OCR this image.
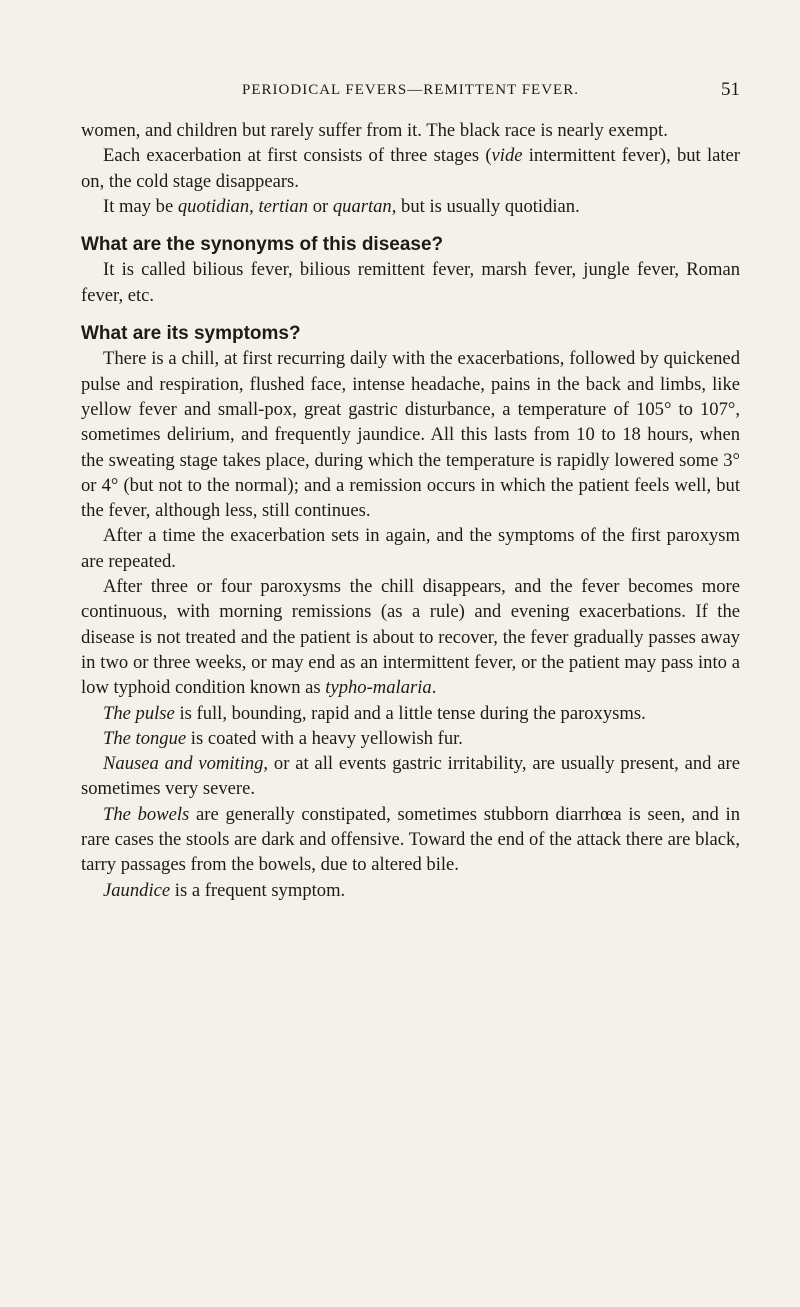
PERIODICAL FEVERS—REMITTENT FEVER.	51

women, and children but rarely suffer from it. The black race is nearly exempt.

Each exacerbation at first consists of three stages (vide intermittent fever), but later on, the cold stage disappears.

It may be quotidian, tertian or quartan, but is usually quotidian.

What are the synonyms of this disease?

It is called bilious fever, bilious remittent fever, marsh fever, jungle fever, Roman fever, etc.

What are its symptoms?

There is a chill, at first recurring daily with the exacerbations, followed by quickened pulse and respiration, flushed face, intense headache, pains in the back and limbs, like yellow fever and small-pox, great gastric disturbance, a temperature of 105° to 107°, sometimes delirium, and frequently jaundice. All this lasts from 10 to 18 hours, when the sweating stage takes place, during which the temperature is rapidly lowered some 3° or 4° (but not to the normal); and a remission occurs in which the patient feels well, but the fever, although less, still continues.

After a time the exacerbation sets in again, and the symptoms of the first paroxysm are repeated.

After three or four paroxysms the chill disappears, and the fever becomes more continuous, with morning remissions (as a rule) and evening exacerbations. If the disease is not treated and the patient is about to recover, the fever gradually passes away in two or three weeks, or may end as an intermittent fever, or the patient may pass into a low typhoid condition known as typho-malaria.

The pulse is full, bounding, rapid and a little tense during the paroxysms.

The tongue is coated with a heavy yellowish fur.

Nausea and vomiting, or at all events gastric irritability, are usually present, and are sometimes very severe.

The bowels are generally constipated, sometimes stubborn diarrhœa is seen, and in rare cases the stools are dark and offensive. Toward the end of the attack there are black, tarry passages from the bowels, due to altered bile.

Jaundice is a frequent symptom.
